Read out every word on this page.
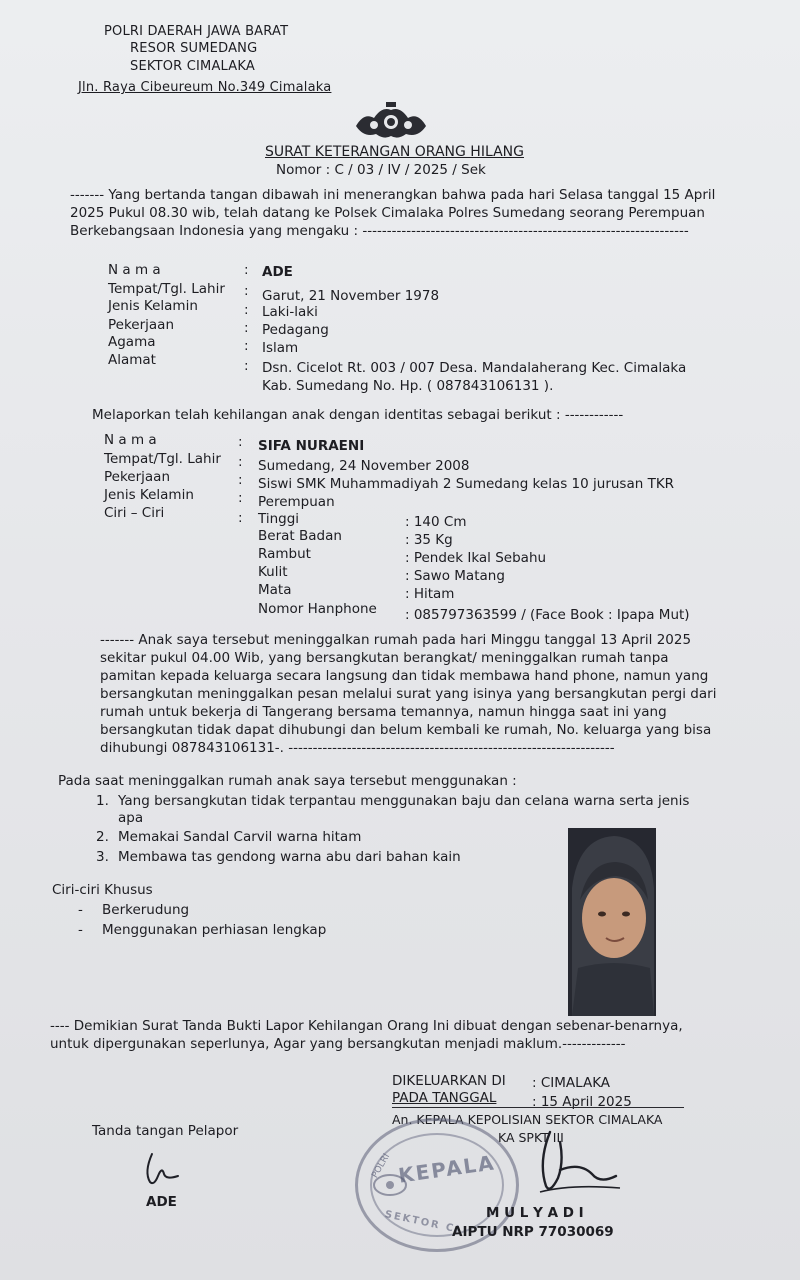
POLRI DAERAH JAWA BARAT
RESOR SUMEDANG
SEKTOR CIMALAKA
Jln. Raya Cibeureum No.349 Cimalaka
SURAT KETERANGAN ORANG HILANG
Nomor : C / 03 / IV / 2025 / Sek
------- Yang bertanda tangan dibawah ini menerangkan bahwa pada hari Selasa tanggal 15 April
2025 Pukul 08.30 wib, telah datang ke Polsek Cimalaka Polres Sumedang seorang Perempuan
Berkebangsaan Indonesia yang mengaku : -------------------------------------------------------------------
N a m a	: ADE
Tempat/Tgl. Lahir : Garut, 21 November 1978
Jenis Kelamin	: Laki-laki
Pekerjaan	: Pedagang
Agama	: Islam
Alamat	: Dsn. Cicelot Rt. 003 / 007 Desa. Mandalaherang Kec. Cimalaka
Kab. Sumedang No. Hp. ( 087843106131 ).
Melaporkan telah kehilangan anak dengan identitas sebagai berikut : ------------
N a m a	: SIFA NURAENI
Tempat/Tgl. Lahir : Sumedang, 24 November 2008
Pekerjaan	: Siswi SMK Muhammadiyah 2 Sumedang kelas 10 jurusan TKR
Jenis Kelamin	: Perempuan
Ciri – Ciri	: Tinggi	: 140 Cm
Berat Badan	: 35 Kg
Rambut	: Pendek Ikal Sebahu
Kulit	: Sawo Matang
Mata	: Hitam
Nomor Hanphone : 085797363599 / (Face Book : Ipapa Mut)
------- Anak saya tersebut meninggalkan rumah pada hari Minggu tanggal 13 April 2025
sekitar pukul 04.00 Wib, yang bersangkutan berangkat/ meninggalkan rumah tanpa
pamitan kepada keluarga secara langsung dan tidak membawa hand phone, namun yang
bersangkutan meninggalkan pesan melalui surat yang isinya yang bersangkutan pergi dari
rumah untuk bekerja di Tangerang bersama temannya, namun hingga saat ini yang
bersangkutan tidak dapat dihubungi dan belum kembali ke rumah, No. keluarga yang bisa
dihubungi 087843106131-. -------------------------------------------------------------------
Pada saat meninggalkan rumah anak saya tersebut menggunakan :
1. Yang bersangkutan tidak terpantau menggunakan baju dan celana warna serta jenis
apa
2. Memakai Sandal Carvil warna hitam
3. Membawa tas gendong warna abu dari bahan kain
Ciri-ciri Khusus
- Berkerudung
- Menggunakan perhiasan lengkap
---- Demikian Surat Tanda Bukti Lapor Kehilangan Orang Ini dibuat dengan sebenar-benarnya,
untuk dipergunakan seperlunya, Agar yang bersangkutan menjadi maklum.-------------
DIKELUARKAN DI : CIMALAKA
PADA TANGGAL	: 15 April 2025
An. KEPALA KEPOLISIAN SEKTOR CIMALAKA
KA SPKT III
POLRI KEPALA
SEKTOR CI M U L Y A D I
AIPTU NRP 77030069
Tanda tangan Pelapor
ADE
